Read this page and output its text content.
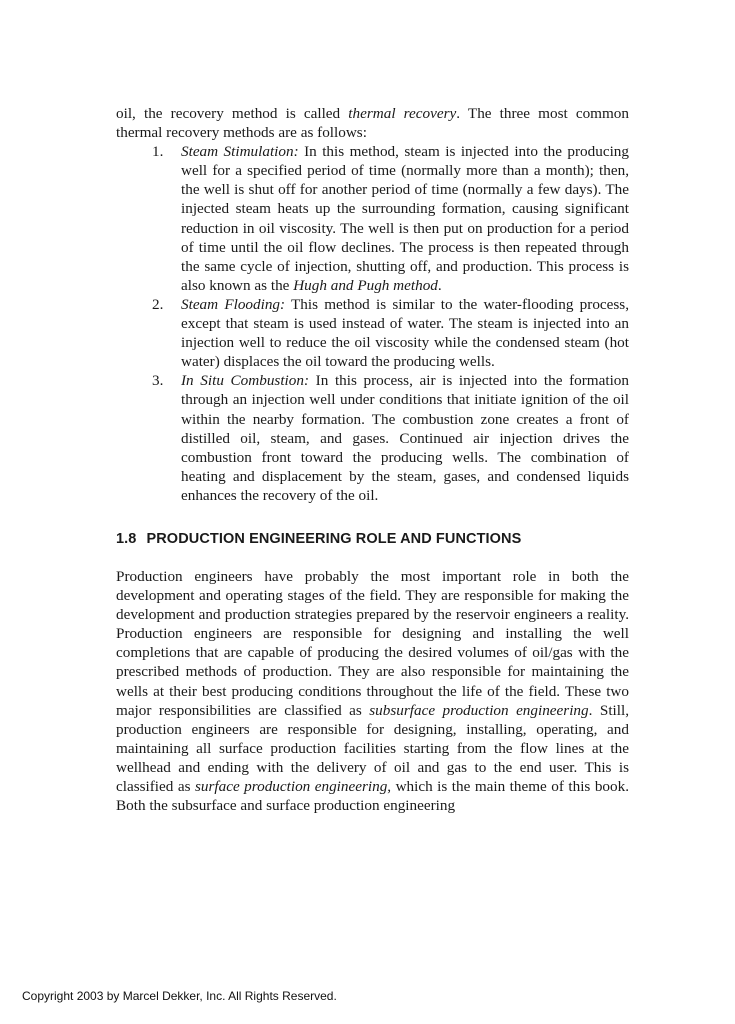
oil, the recovery method is called thermal recovery. The three most common thermal recovery methods are as follows:

1. Steam Stimulation: In this method, steam is injected into the producing well for a specified period of time (normally more than a month); then, the well is shut off for another period of time (normally a few days). The injected steam heats up the surrounding formation, causing significant reduction in oil viscosity. The well is then put on production for a period of time until the oil flow declines. The process is then repeated through the same cycle of injection, shutting off, and production. This process is also known as the Hugh and Pugh method.
2. Steam Flooding: This method is similar to the water-flooding process, except that steam is used instead of water. The steam is injected into an injection well to reduce the oil viscosity while the condensed steam (hot water) displaces the oil toward the producing wells.
3. In Situ Combustion: In this process, air is injected into the formation through an injection well under conditions that initiate ignition of the oil within the nearby formation. The combustion zone creates a front of distilled oil, steam, and gases. Continued air injection drives the combustion front toward the producing wells. The combination of heating and displacement by the steam, gases, and condensed liquids enhances the recovery of the oil.
1.8 PRODUCTION ENGINEERING ROLE AND FUNCTIONS

Production engineers have probably the most important role in both the development and operating stages of the field. They are responsible for making the development and production strategies prepared by the reservoir engineers a reality. Production engineers are responsible for designing and installing the well completions that are capable of producing the desired volumes of oil/gas with the prescribed methods of production. They are also responsible for maintaining the wells at their best producing conditions throughout the life of the field. These two major responsibilities are classified as subsurface production engineering. Still, production engineers are responsible for designing, installing, operating, and maintaining all surface production facilities starting from the flow lines at the wellhead and ending with the delivery of oil and gas to the end user. This is classified as surface production engineering, which is the main theme of this book. Both the subsurface and surface production engineering

Copyright 2003 by Marcel Dekker, Inc. All Rights Reserved.
